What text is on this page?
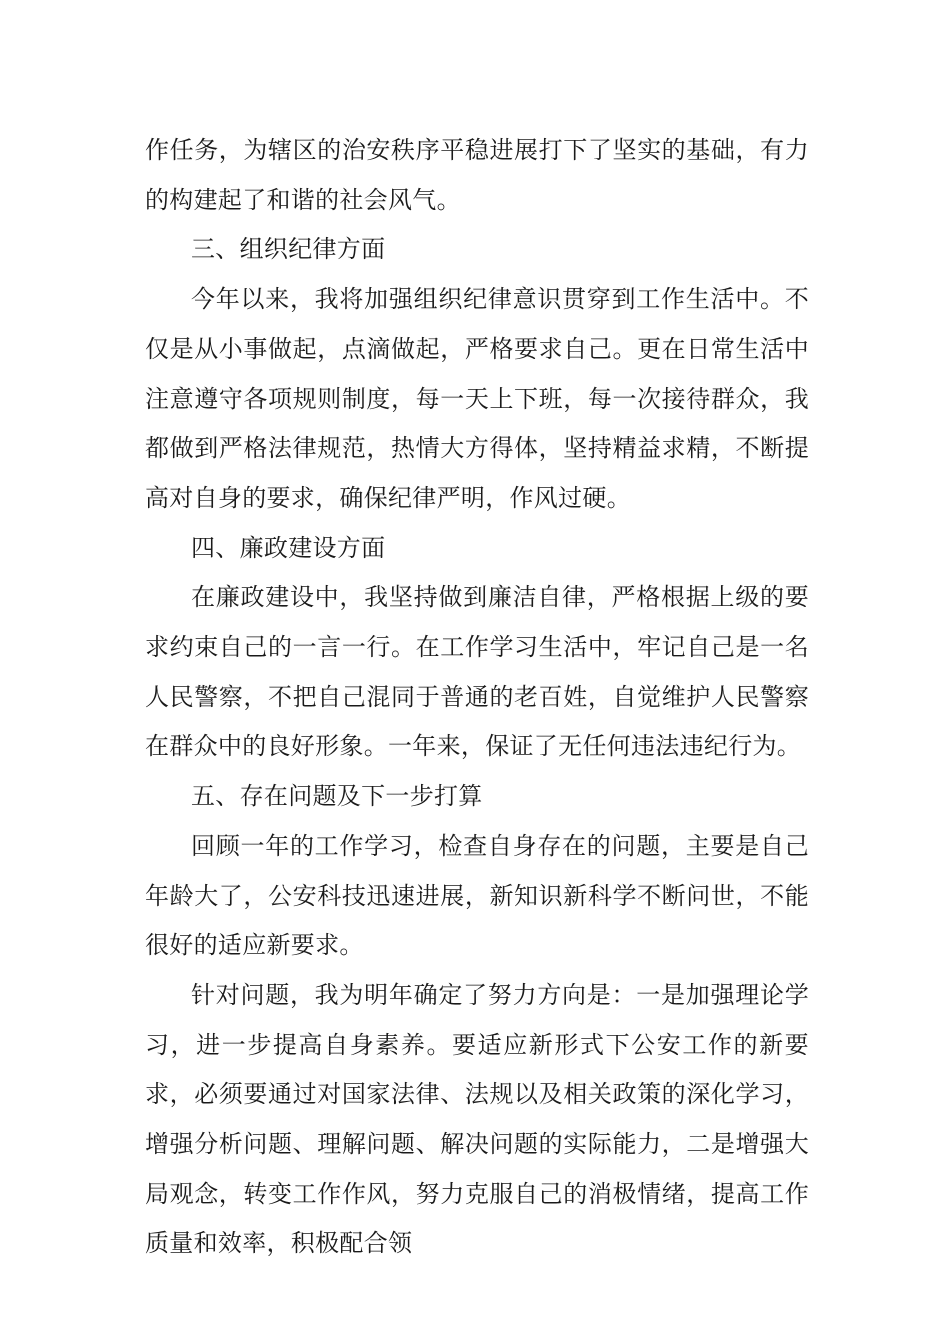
作任务，为辖区的治安秩序平稳进展打下了坚实的基础，有力的构建起了和谐的社会风气。

三、组织纪律方面

今年以来，我将加强组织纪律意识贯穿到工作生活中。不仅是从小事做起，点滴做起，严格要求自己。更在日常生活中注意遵守各项规则制度，每一天上下班，每一次接待群众，我都做到严格法律规范，热情大方得体，坚持精益求精，不断提高对自身的要求，确保纪律严明，作风过硬。

四、廉政建设方面

在廉政建设中，我坚持做到廉洁自律，严格根据上级的要求约束自己的一言一行。在工作学习生活中，牢记自己是一名人民警察，不把自己混同于普通的老百姓，自觉维护人民警察在群众中的良好形象。一年来，保证了无任何违法违纪行为。

五、存在问题及下一步打算

回顾一年的工作学习，检查自身存在的问题，主要是自己年龄大了，公安科技迅速进展，新知识新科学不断问世，不能很好的适应新要求。

针对问题，我为明年确定了努力方向是：一是加强理论学习，进一步提高自身素养。要适应新形式下公安工作的新要求，必须要通过对国家法律、法规以及相关政策的深化学习，增强分析问题、理解问题、解决问题的实际能力，二是增强大局观念，转变工作作风，努力克服自己的消极情绪，提高工作质量和效率，积极配合领
